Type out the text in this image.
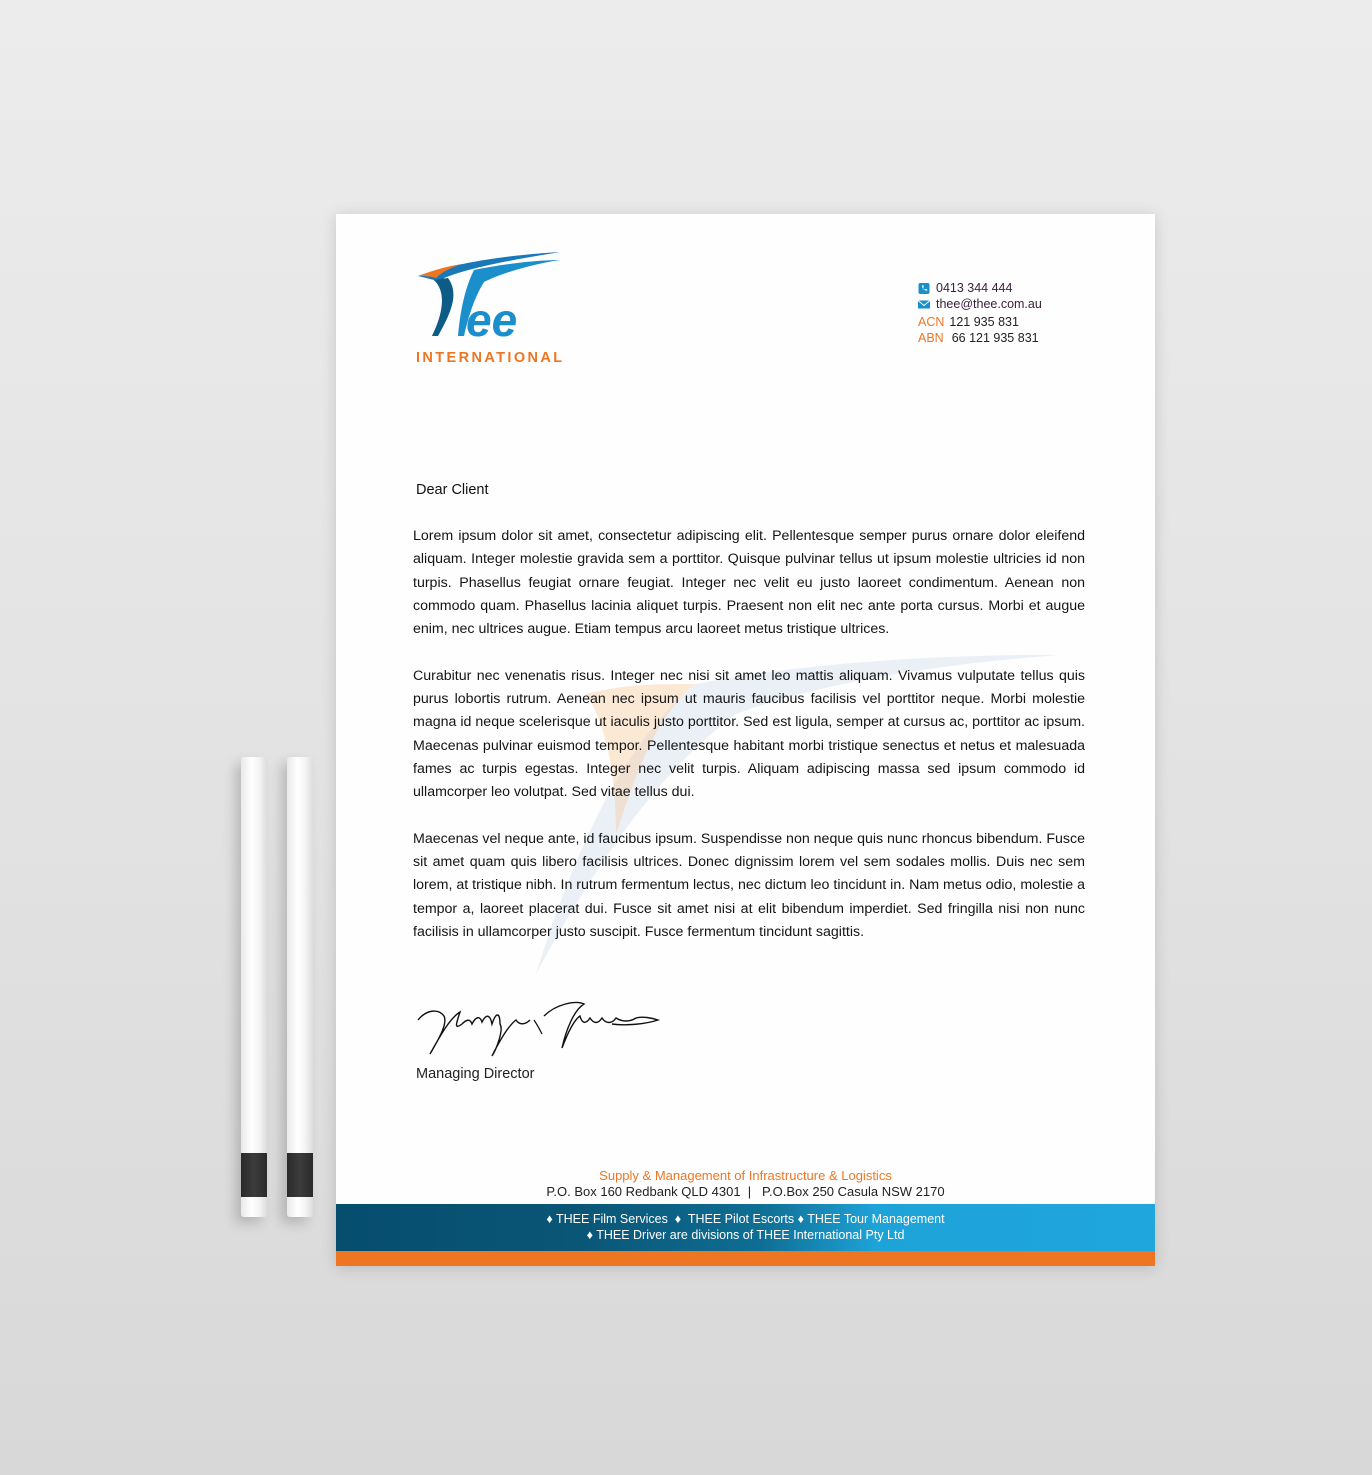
ee
INTERNATIONAL
0413 344 444
thee@thee.com.au
ACN 121 935 831
ABN 66 121 935 831
Dear Client

Lorem ipsum dolor sit amet, consectetur adipiscing elit. Pellentesque semper purus ornare dolor eleifend aliquam. Integer molestie gravida sem a porttitor. Quisque pulvinar tellus ut ipsum molestie ultricies id non turpis. Phasellus feugiat ornare feugiat. Integer nec velit eu justo laoreet condimentum. Aenean non commodo quam. Phasellus lacinia aliquet turpis. Praesent non elit nec ante porta cursus. Morbi et augue enim, nec ultrices augue. Etiam tempus arcu laoreet metus tristique ultrices.

Curabitur nec venenatis risus. Integer nec nisi sit amet leo mattis aliquam. Vivamus vulputate tellus quis purus lobortis rutrum. Aenean nec ipsum ut mauris faucibus facilisis vel porttitor neque. Morbi molestie magna id neque scelerisque ut iaculis justo porttitor. Sed est ligula, semper at cursus ac, porttitor ac ipsum. Maecenas pulvinar euismod tempor. Pellentesque habitant morbi tristique senectus et netus et malesuada fames ac turpis egestas. Integer nec velit turpis. Aliquam adipiscing massa sed ipsum commodo id ullamcorper leo volutpat. Sed vitae tellus dui.

Maecenas vel neque ante, id faucibus ipsum. Suspendisse non neque quis nunc rhoncus bibendum. Fusce sit amet quam quis libero facilisis ultrices. Donec dignissim lorem vel sem sodales mollis. Duis nec sem lorem, at tristique nibh. In rutrum fermentum lectus, nec dictum leo tincidunt in. Nam metus odio, molestie a tempor a, laoreet placerat dui. Fusce sit amet nisi at elit bibendum imperdiet. Sed fringilla nisi non nunc facilisis in ullamcorper justo suscipit. Fusce fermentum tincidunt sagittis.

Managing Director
Supply & Management of Infrastructure & Logistics
P.O. Box 160 Redbank QLD 4301  |   P.O.Box 250 Casula NSW 2170
♦ THEE Film Services  ♦  THEE Pilot Escorts ♦ THEE Tour Management
♦ THEE Driver are divisions of THEE International Pty Ltd
